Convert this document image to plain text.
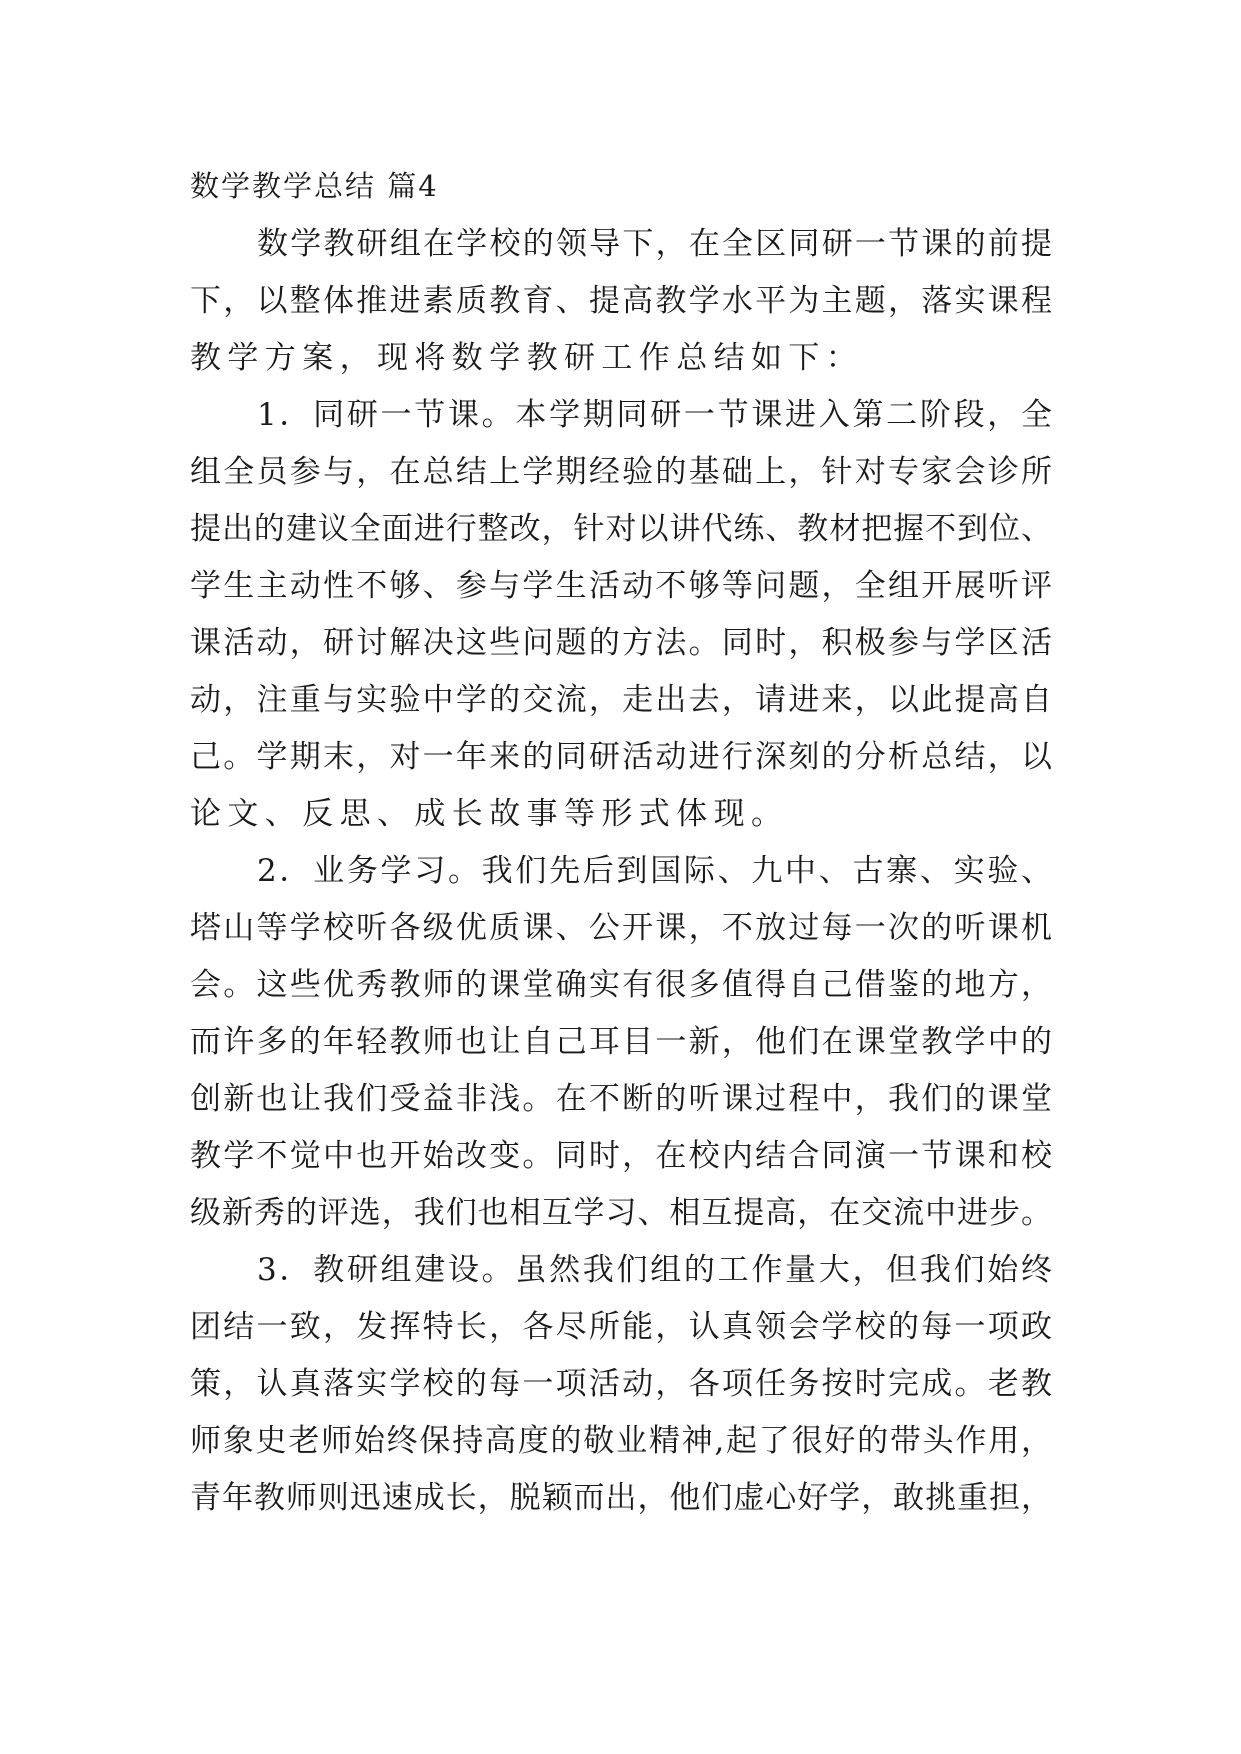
数学教学总结 篇4

数学教研组在学校的领导下，在全区同研一节课的前提

下，以整体推进素质教育、提高教学水平为主题，落实课程

教学方案，现将数学教研工作总结如下：

1．同研一节课。本学期同研一节课进入第二阶段，全

组全员参与，在总结上学期经验的基础上，针对专家会诊所

提出的建议全面进行整改，针对以讲代练、教材把握不到位、

学生主动性不够、参与学生活动不够等问题，全组开展听评

课活动，研讨解决这些问题的方法。同时，积极参与学区活

动，注重与实验中学的交流，走出去，请进来，以此提高自

己。学期末，对一年来的同研活动进行深刻的分析总结，以

论文、反思、成长故事等形式体现。

2．业务学习。我们先后到国际、九中、古寨、实验、

塔山等学校听各级优质课、公开课，不放过每一次的听课机

会。这些优秀教师的课堂确实有很多值得自己借鉴的地方，

而许多的年轻教师也让自己耳目一新，他们在课堂教学中的

创新也让我们受益非浅。在不断的听课过程中，我们的课堂

教学不觉中也开始改变。同时，在校内结合同演一节课和校

级新秀的评选，我们也相互学习、相互提高，在交流中进步。

3．教研组建设。虽然我们组的工作量大，但我们始终

团结一致，发挥特长，各尽所能，认真领会学校的每一项政

策，认真落实学校的每一项活动，各项任务按时完成。老教

师象史老师始终保持高度的敬业精神,起了很好的带头作用，

青年教师则迅速成长，脱颖而出，他们虚心好学，敢挑重担，
